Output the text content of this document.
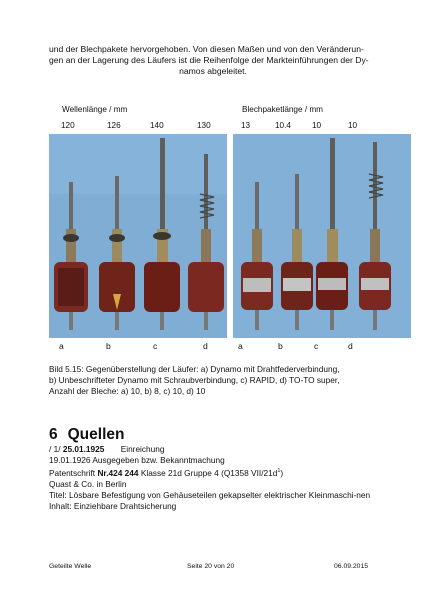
und der Blechpakete hervorgehoben. Von diesen Maßen und von den Veränderun-

gen an der Lagerung des Läufers ist die Reihenfolge der Markteinführungen der Dy-

namos abgeleitet.

Wellenlänge / mm
120	126	140	130
Blechpaketlänge / mm
13	10.4	10	10
a	b	c	d	a	b	c	d

Bild 5.15: Gegenüberstellung der Läufer: a) Dynamo mit Drahtfederverbindung,

b) Unbeschrifteter Dynamo mit Schraubverbindung, c) RAPID, d) TO-TO super,

Anzahl der Bleche: a) 10, b) 8, c) 10, d) 10

6 Quellen

/ 1/ 25.01.1925 Einreichung

19.01.1926 Ausgegeben bzw. Bekanntmachung

Patentschrift Nr.424 244 Klasse 21d Gruppe 4 (Q1358 VII/$21d^1$)

Quast & Co. in Berlin

Titel: Lösbare Befestigung von Gehäuseteilen gekapselter elektrischer Kleinmaschi-nen

Inhalt: Einziehbare Drahtsicherung

Geteilte Welle	Seite 20 von 20	06.09.2015
